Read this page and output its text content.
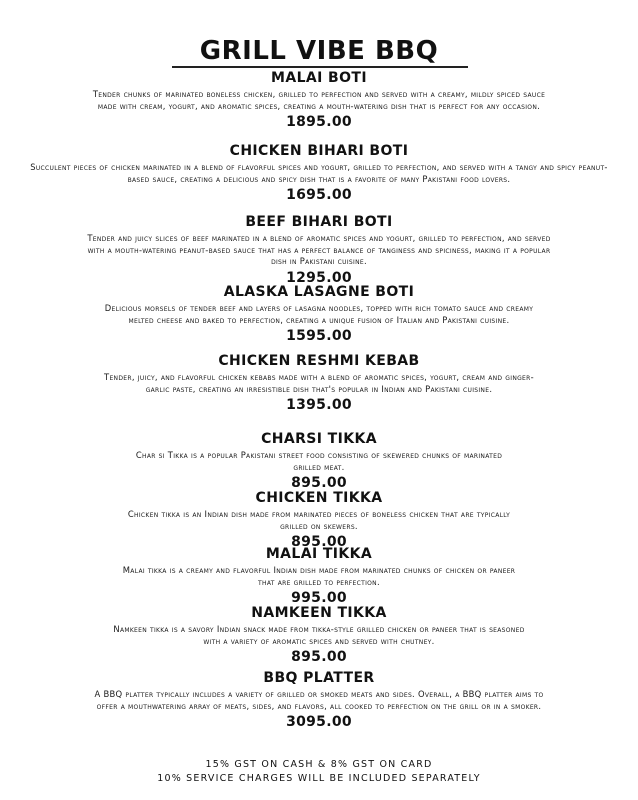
GRILL VIBE BBQ
MALAI BOTI
Tender chunks of marinated boneless chicken, grilled to perfection and served with a creamy, mildly spiced sauce made with cream, yogurt, and aromatic spices, creating a mouth-watering dish that is perfect for any occasion.
1895.00
CHICKEN BIHARI BOTI
Succulent pieces of chicken marinated in a blend of flavorful spices and yogurt, grilled to perfection, and served with a tangy and spicy peanut-based sauce, creating a delicious and spicy dish that is a favorite of many Pakistani food lovers.
1695.00
BEEF BIHARI BOTI
Tender and juicy slices of beef marinated in a blend of aromatic spices and yogurt, grilled to perfection, and served with a mouth-watering peanut-based sauce that has a perfect balance of tanginess and spiciness, making it a popular dish in Pakistani cuisine.
1295.00
ALASKA LASAGNE BOTI
Delicious morsels of tender beef and layers of lasagna noodles, topped with rich tomato sauce and creamy melted cheese and baked to perfection, creating a unique fusion of Italian and Pakistani cuisine.
1595.00
CHICKEN RESHMI KEBAB
Tender, juicy, and flavorful chicken kebabs made with a blend of aromatic spices, yogurt, cream and ginger-garlic paste, creating an irresistible dish that's popular in Indian and Pakistani cuisine.
1395.00
CHARSI TIKKA
Char si Tikka is a popular Pakistani street food consisting of skewered chunks of marinated grilled meat.
895.00
CHICKEN TIKKA
Chicken tikka is an Indian dish made from marinated pieces of boneless chicken that are typically grilled on skewers.
895.00
MALAI TIKKA
Malai tikka is a creamy and flavorful Indian dish made from marinated chunks of chicken or paneer that are grilled to perfection.
995.00
NAMKEEN TIKKA
Namkeen tikka is a savory Indian snack made from tikka-style grilled chicken or paneer that is seasoned with a variety of aromatic spices and served with chutney.
895.00
BBQ PLATTER
A BBQ platter typically includes a variety of grilled or smoked meats and sides. Overall, a BBQ platter aims to offer a mouthwatering array of meats, sides, and flavors, all cooked to perfection on the grill or in a smoker.
3095.00
15% GST ON CASH & 8% GST ON CARD
10% SERVICE CHARGES WILL BE INCLUDED SEPARATELY
